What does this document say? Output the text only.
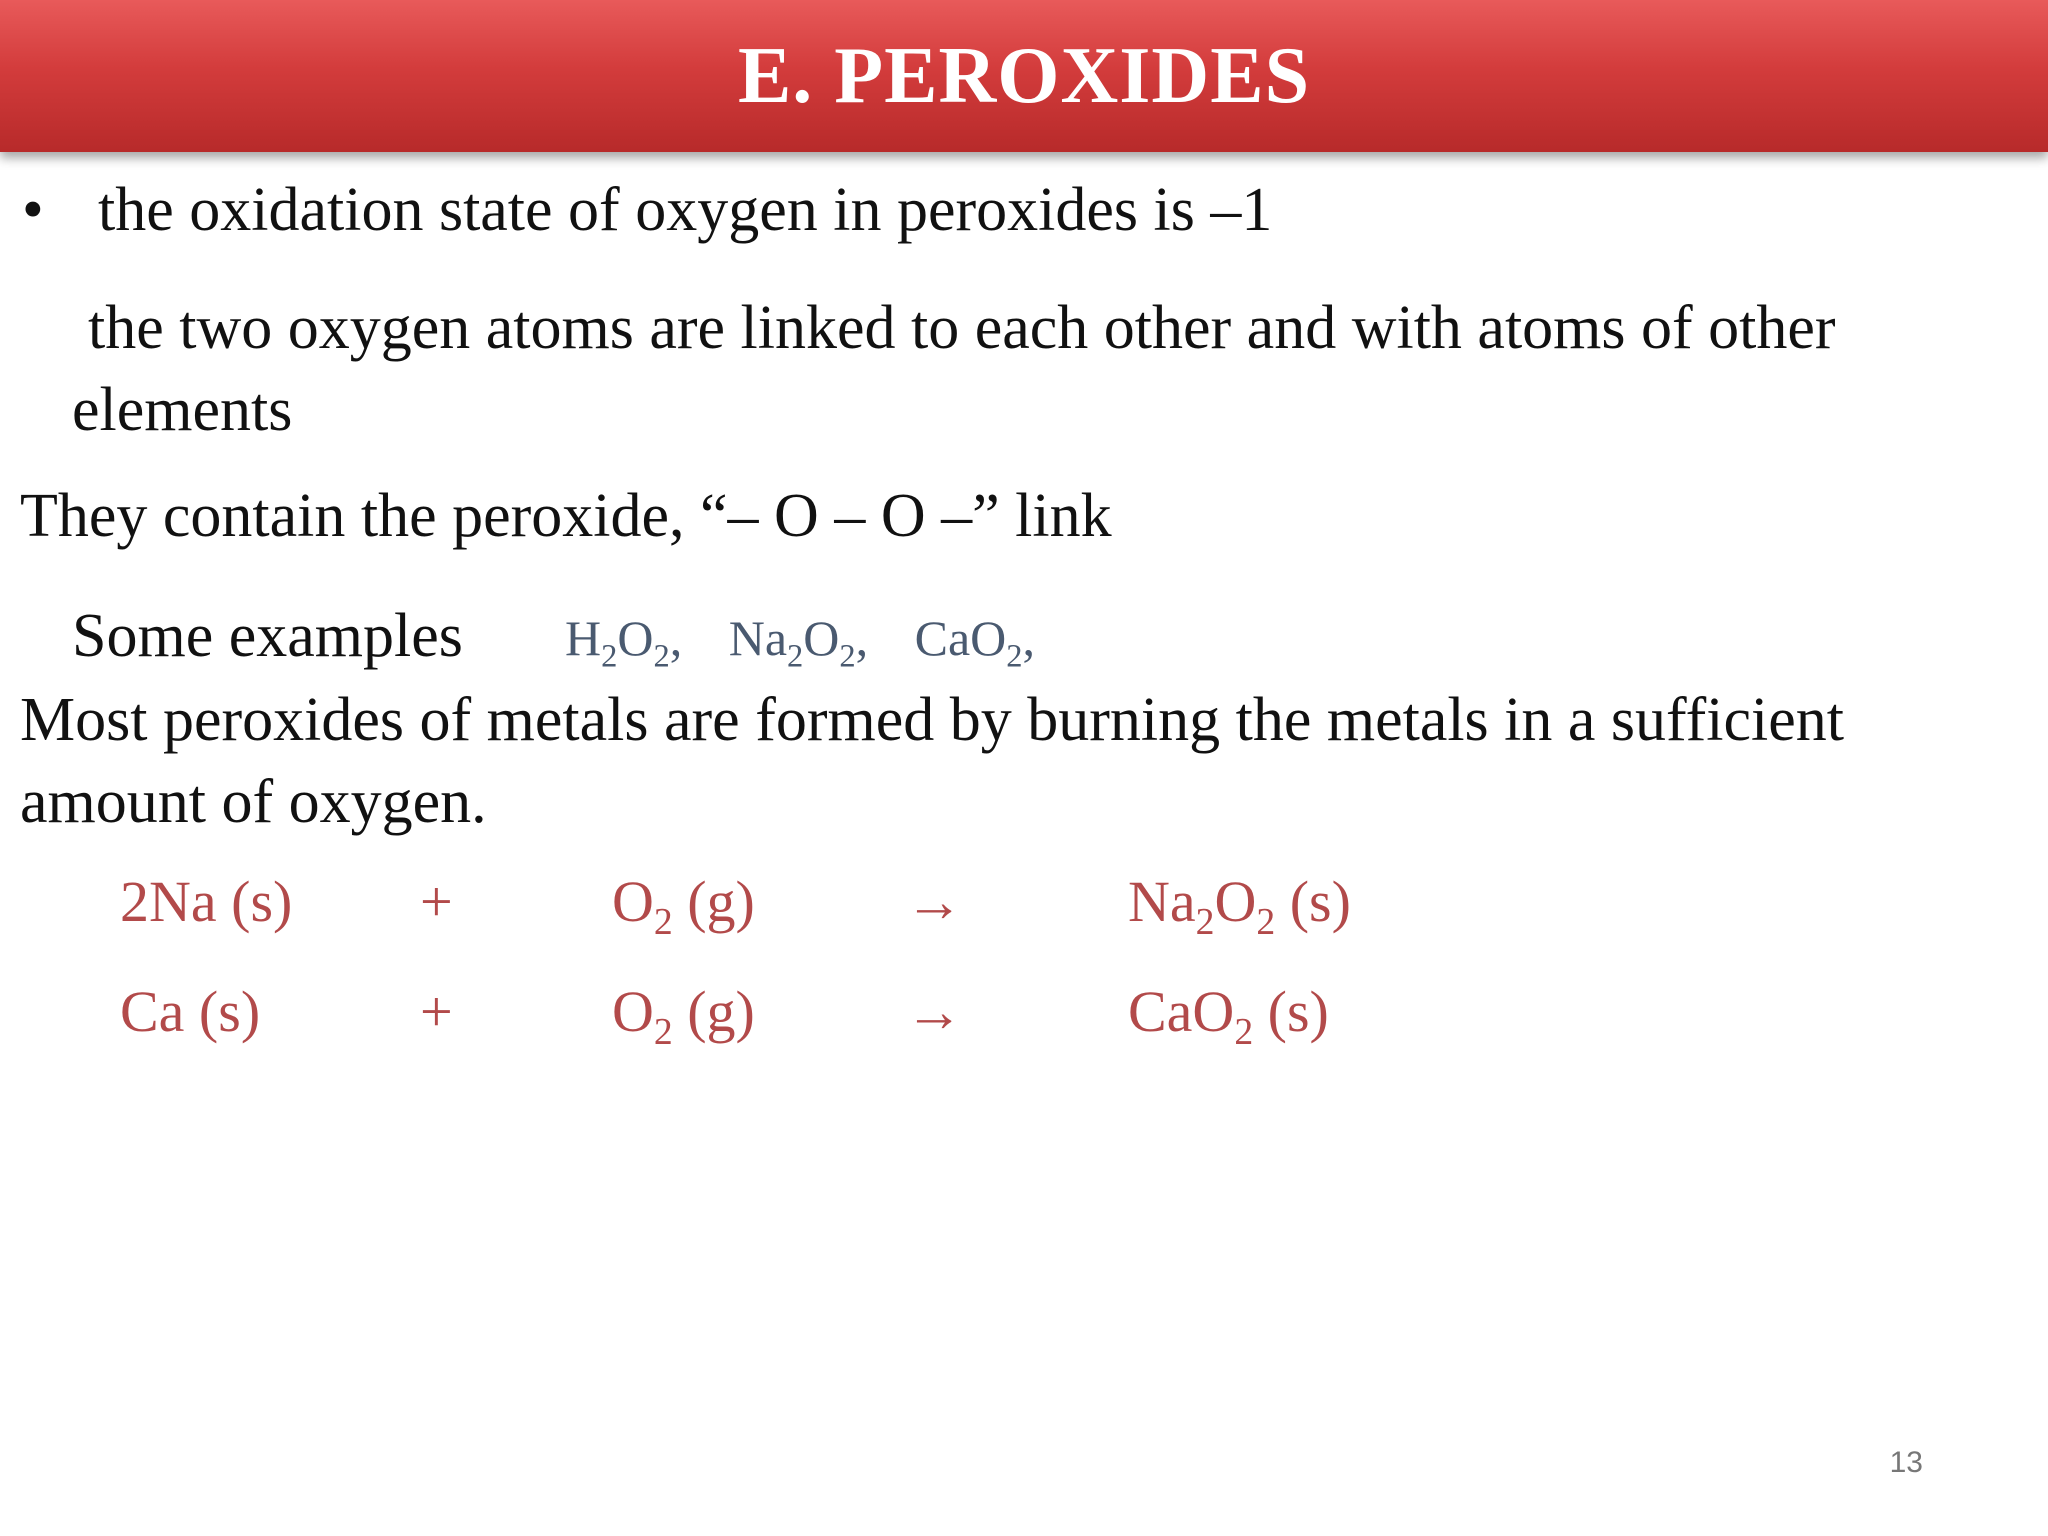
E. PEROXIDES
• the oxidation state of oxygen in peroxides is –1
the two oxygen atoms are linked to each other and with atoms of other
elements
They contain the peroxide, “– O – O –” link
Some examples $H_2O_2$, $Na_2O_2$, CaO$_2$,
Most peroxides of metals are formed by burning the metals in a sufficient
amount of oxygen.
2Na (s) +	$O_2$ (g)	→	$Na_2O_2$ (s)
Ca (s)	+	$O_2$ (g)	→	CaO$_2$ (s)
13
